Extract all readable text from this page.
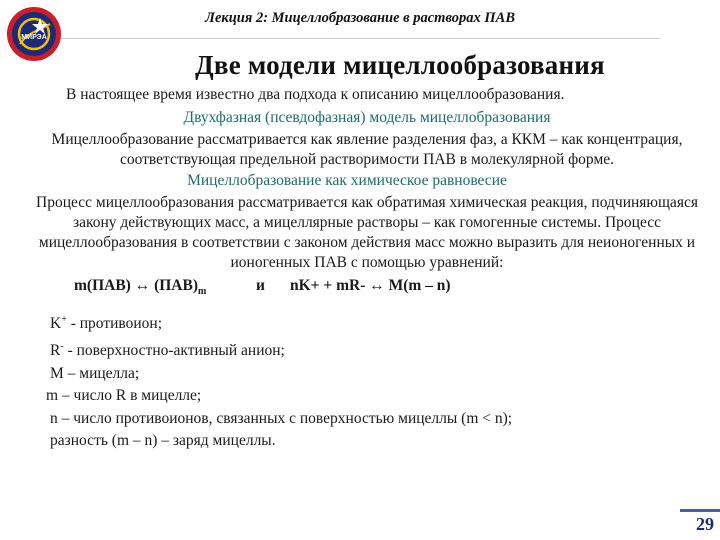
Лекция 2: Мицеллобразование в растворах ПАВ
МИРЭА
Две модели мицеллообразования

В настоящее время известно два подхода к описанию мицеллообразования.

Двухфазная (псевдофазная) модель мицеллобразования

Мицеллообразование рассматривается как явление разделения фаз, а ККМ – как концентрация, соответствующая предельной растворимости ПАВ в молекулярной форме.

Мицеллобразование как химическое равновесие

Процесс мицеллообразования рассматривается как обратимая химическая реакция, подчиняющаяся закону действующих масс, а мицеллярные растворы – как гомогенные системы. Процесс мицеллообразования в соответствии с законом действия масс можно выразить для неионогенных и ионогенных ПАВ с помощью уравнений:

m(ПАВ) ↔ $(ПАВ)_m$	и nK+ + mR- ↔ M(m – n)

K+ - противоион;

R- - поверхностно-активный анион;

M – мицелла;

m – число R в мицелле;

n – число противоионов, связанных с поверхностью мицеллы (m < n);

разность (m – n) – заряд мицеллы.

29
